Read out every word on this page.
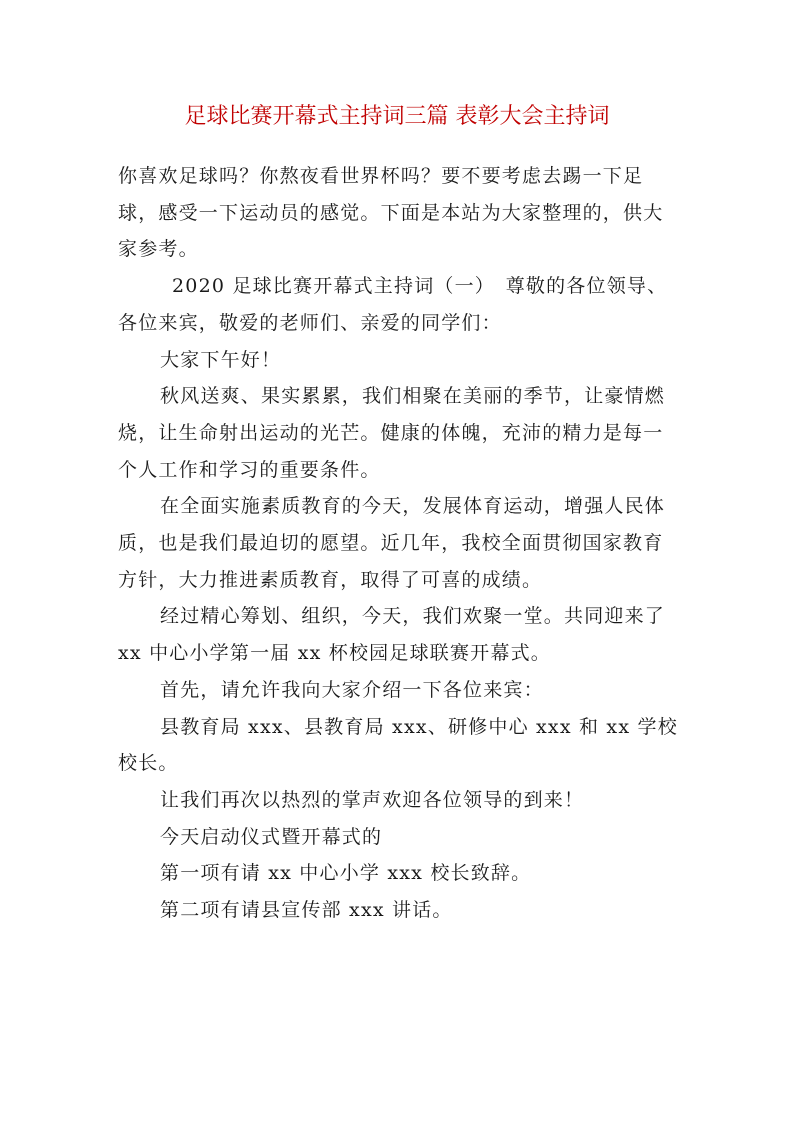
足球比赛开幕式主持词三篇 表彰大会主持词

你喜欢足球吗？你熬夜看世界杯吗？要不要考虑去踢一下足球，感受一下运动员的感觉。下面是本站为大家整理的，供大家参考。

2020 足球比赛开幕式主持词（一）　尊敬的各位领导、各位来宾，敬爱的老师们、亲爱的同学们：

大家下午好！

秋风送爽、果实累累，我们相聚在美丽的季节，让豪情燃烧，让生命射出运动的光芒。健康的体魄，充沛的精力是每一个人工作和学习的重要条件。

在全面实施素质教育的今天，发展体育运动，增强人民体质，也是我们最迫切的愿望。近几年，我校全面贯彻国家教育方针，大力推进素质教育，取得了可喜的成绩。

经过精心筹划、组织，今天，我们欢聚一堂。共同迎来了 xx 中心小学第一届 xx 杯校园足球联赛开幕式。

首先，请允许我向大家介绍一下各位来宾：

县教育局 xxx、县教育局 xxx、研修中心 xxx 和 xx 学校校长。

让我们再次以热烈的掌声欢迎各位领导的到来！

今天启动仪式暨开幕式的

第一项有请 xx 中心小学 xxx 校长致辞。

第二项有请县宣传部 xxx 讲话。
